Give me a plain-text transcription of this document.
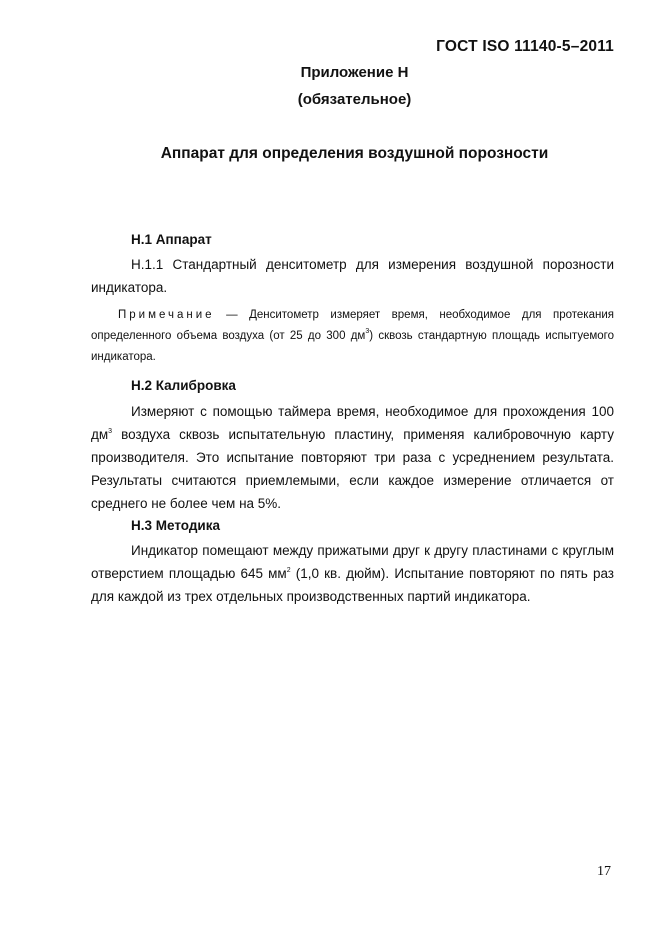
ГОСТ ISO 11140-5–2011
Приложение Н
(обязательное)
Аппарат для определения воздушной порозности
Н.1 Аппарат
Н.1.1 Стандартный денситометр для измерения воздушной порозности индикатора.
Примечание — Денситометр измеряет время, необходимое для протекания определенного объема воздуха (от 25 до 300 $дм^3$) сквозь стандартную площадь испытуемого индикатора.
Н.2 Калибровка
Измеряют с помощью таймера время, необходимое для прохождения 100 $дм^3$ воздуха сквозь испытательную пластину, применяя калибровочную карту производителя. Это испытание повторяют три раза с усреднением результата. Результаты считаются приемлемыми, если каждое измерение отличается от среднего не более чем на 5%.
Н.3 Методика
Индикатор помещают между прижатыми друг к другу пластинами с круглым отверстием площадью 645 $мм^2$ (1,0 кв. дюйм). Испытание повторяют по пять раз для каждой из трех отдельных производственных партий индикатора.
17
